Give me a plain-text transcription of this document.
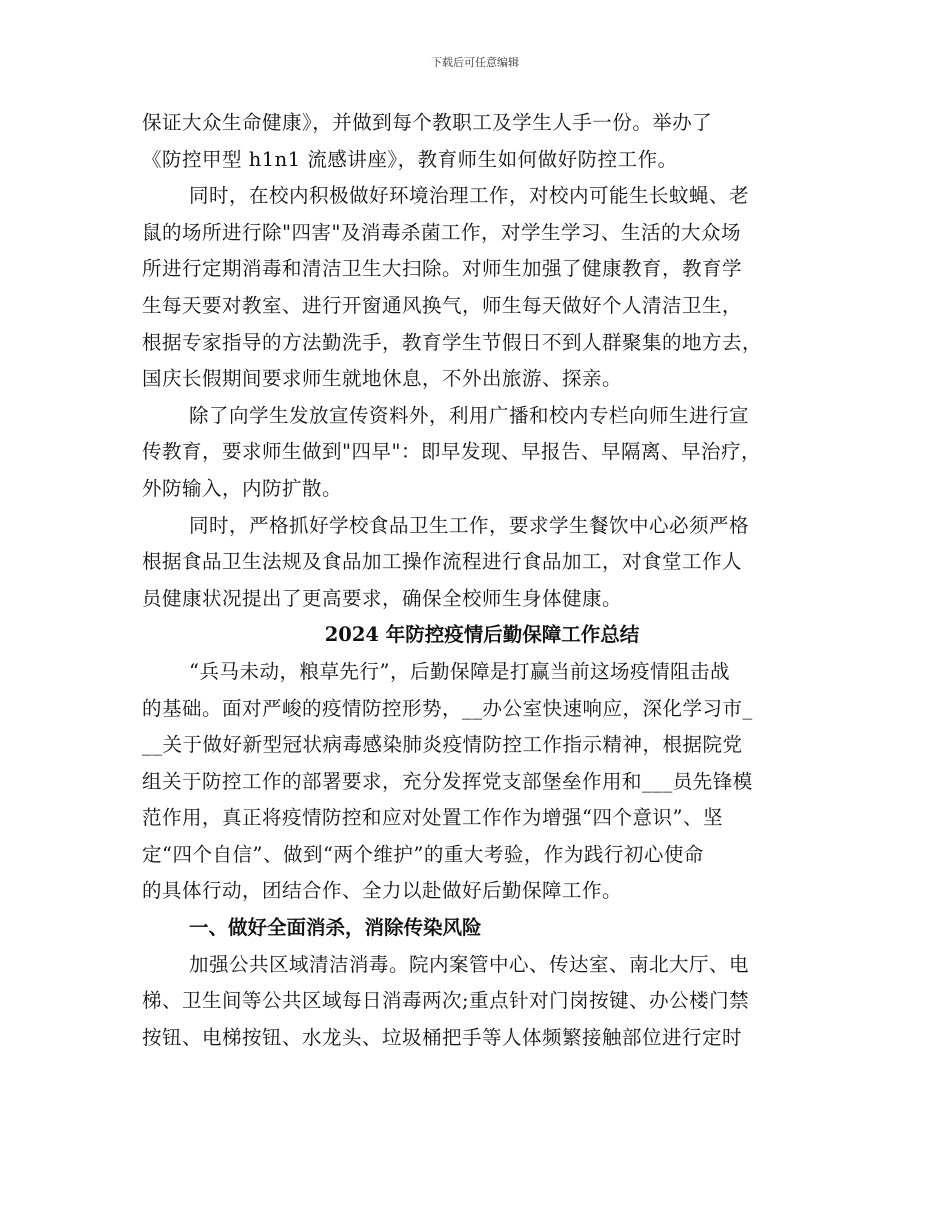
下载后可任意编辑
保证大众生命健康》，并做到每个教职工及学生人手一份。举办了
《防控甲型 h1n1 流感讲座》，教育师生如何做好防控工作。
同时，在校内积极做好环境治理工作，对校内可能生长蚊蝇、老
鼠的场所进行除"四害"及消毒杀菌工作，对学生学习、生活的大众场
所进行定期消毒和清洁卫生大扫除。对师生加强了健康教育，教育学
生每天要对教室、进行开窗通风换气，师生每天做好个人清洁卫生，
根据专家指导的方法勤洗手，教育学生节假日不到人群聚集的地方去，
国庆长假期间要求师生就地休息，不外出旅游、探亲。
除了向学生发放宣传资料外，利用广播和校内专栏向师生进行宣
传教育，要求师生做到"四早"：即早发现、早报告、早隔离、早治疗，
外防输入，内防扩散。
同时，严格抓好学校食品卫生工作，要求学生餐饮中心必须严格
根据食品卫生法规及食品加工操作流程进行食品加工，对食堂工作人
员健康状况提出了更高要求，确保全校师生身体健康。
2024 年防控疫情后勤保障工作总结
“兵马未动，粮草先行”，后勤保障是打赢当前这场疫情阻击战
的基础。面对严峻的疫情防控形势，__办公室快速响应，深化学习市_
__关于做好新型冠状病毒感染肺炎疫情防控工作指示精神，根据院党
组关于防控工作的部署要求，充分发挥党支部堡垒作用和___员先锋模
范作用，真正将疫情防控和应对处置工作作为增强“四个意识”、坚
定“四个自信”、做到“两个维护”的重大考验，作为践行初心使命
的具体行动，团结合作、全力以赴做好后勤保障工作。
一、做好全面消杀，消除传染风险
加强公共区域清洁消毒。院内案管中心、传达室、南北大厅、电
梯、卫生间等公共区域每日消毒两次;重点针对门岗按键、办公楼门禁
按钮、电梯按钮、水龙头、垃圾桶把手等人体频繁接触部位进行定时
